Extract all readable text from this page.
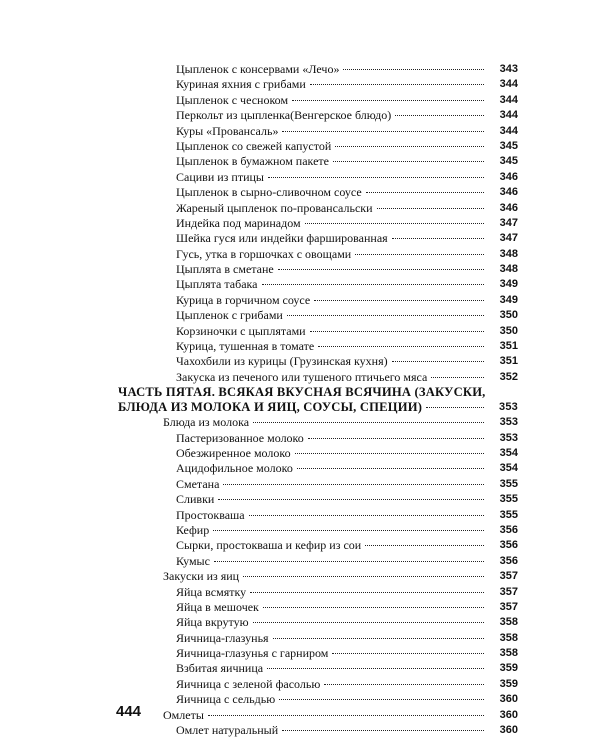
Цыпленок с консервами «Лечо»	343
Куриная яхния с грибами	344
Цыпленок с чесноком	344
Перкольт из цыпленка(Венгерское блюдо)	344
Куры «Провансаль»	344
Цыпленок со свежей капустой	345
Цыпленок в бумажном пакете	345
Сациви из птицы	346
Цыпленок в сырно-сливочном соусе	346
Жареный цыпленок по-провансальски	346
Индейка под маринадом	347
Шейка гуся или индейки фаршированная	347
Гусь, утка в горшочках с овощами	348
Цыплята в сметане	348
Цыплята табака	349
Курица в горчичном соусе	349
Цыпленок с грибами	350
Корзиночки с цыплятами	350
Курица, тушенная в томате	351
Чахохбили из курицы (Грузинская кухня)	351
Закуска из печеного или тушеного птичьего мяса	352
ЧАСТЬ ПЯТАЯ. ВСЯКАЯ ВКУСНАЯ ВСЯЧИНА (ЗАКУСКИ,
БЛЮДА ИЗ МОЛОКА И ЯИЦ, СОУСЫ, СПЕЦИИ)	353
Блюда из молока	353
Пастеризованное молоко	353
Обезжиренное молоко	354
Ацидофильное молоко	354
Сметана	355
Сливки	355
Простокваша	355
Кефир	356
Сырки, простокваша и кефир из сои	356
Кумыс	356
Закуски из яиц	357
Яйца всмятку	357
Яйца в мешочек	357
Яйца вкрутую	358
Яичница-глазунья	358
Яичница-глазунья с гарниром	358
Взбитая яичница	359
Яичница с зеленой фасолью	359
Яичница с сельдью	360
Омлеты	360
Омлет натуральный	360
444
